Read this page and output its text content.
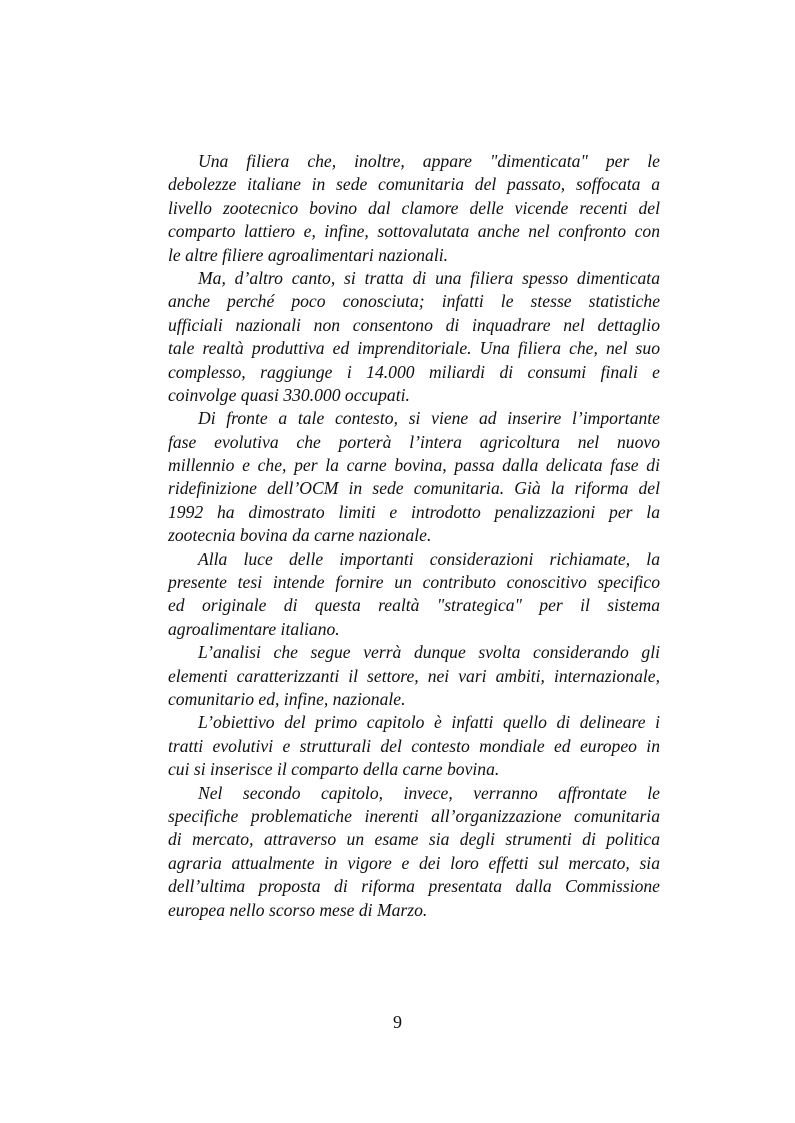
Una filiera che, inoltre, appare "dimenticata" per le
debolezze italiane in sede comunitaria del passato, soffocata a
livello zootecnico bovino dal clamore delle vicende recenti del
comparto lattiero e, infine, sottovalutata anche nel confronto con
le altre filiere agroalimentari nazionali.
Ma, d’altro canto, si tratta di una filiera spesso dimenticata
anche perché poco conosciuta; infatti le stesse statistiche
ufficiali nazionali non consentono di inquadrare nel dettaglio
tale realtà produttiva ed imprenditoriale. Una filiera che, nel suo
complesso, raggiunge i 14.000 miliardi di consumi finali e
coinvolge quasi 330.000 occupati.
Di fronte a tale contesto, si viene ad inserire l’importante
fase evolutiva che porterà l’intera agricoltura nel nuovo
millennio e che, per la carne bovina, passa dalla delicata fase di
ridefinizione dell’OCM in sede comunitaria. Già la riforma del
1992 ha dimostrato limiti e introdotto penalizzazioni per la
zootecnia bovina da carne nazionale.
Alla luce delle importanti considerazioni richiamate, la
presente tesi intende fornire un contributo conoscitivo specifico
ed originale di questa realtà "strategica" per il sistema
agroalimentare italiano.
L’analisi che segue verrà dunque svolta considerando gli
elementi caratterizzanti il settore, nei vari ambiti, internazionale,
comunitario ed, infine, nazionale.
L’obiettivo del primo capitolo è infatti quello di delineare i
tratti evolutivi e strutturali del contesto mondiale ed europeo in
cui si inserisce il comparto della carne bovina.
Nel secondo capitolo, invece, verranno affrontate le
specifiche problematiche inerenti all’organizzazione comunitaria
di mercato, attraverso un esame sia degli strumenti di politica
agraria attualmente in vigore e dei loro effetti sul mercato, sia
dell’ultima proposta di riforma presentata dalla Commissione
europea nello scorso mese di Marzo.
9
